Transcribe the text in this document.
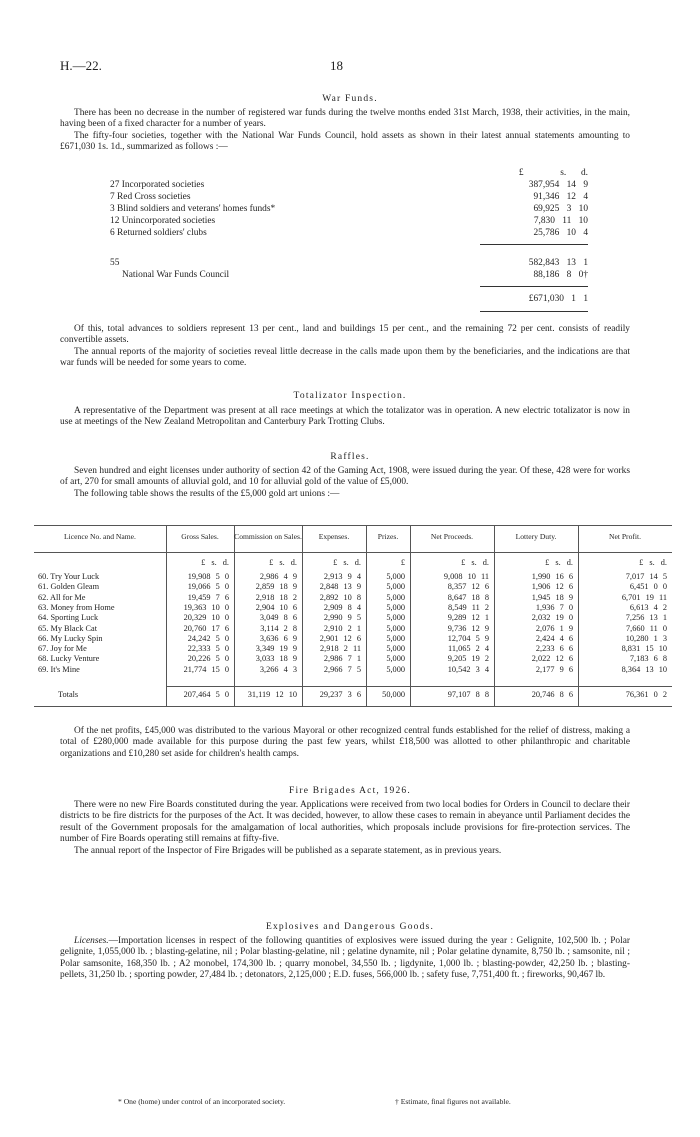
H.—22.	18
War Funds.

There has been no decrease in the number of registered war funds during the twelve months ended 31st March, 1938, their activities, in the main, having been of a fixed character for a number of years.

The fifty-four societies, together with the National War Funds Council, hold assets as shown in their latest annual statements amounting to £671,030 1s. 1d., summarized as follows :—

£	s. d.
27 Incorporated societies	387,954 14 9
7 Red Cross societies	91,346 12 4
3 Blind soldiers and veterans' homes funds*	69,925 3 10
12 Unincorporated societies	7,830 11 10
6 Returned soldiers' clubs	25,786 10 4
55	582,843 13 1
National War Funds Council	88,186 8 0†
£671,030 1 1

Of this, total advances to soldiers represent 13 per cent., land and buildings 15 per cent., and the remaining 72 per cent. consists of readily convertible assets.

The annual reports of the majority of societies reveal little decrease in the calls made upon them by the beneficiaries, and the indications are that war funds will be needed for some years to come.

Totalizator Inspection.

A representative of the Department was present at all race meetings at which the totalizator was in operation. A new electric totalizator is now in use at meetings of the New Zealand Metropolitan and Canterbury Park Trotting Clubs.

Raffles.

Seven hundred and eight licenses under authority of section 42 of the Gaming Act, 1908, were issued during the year. Of these, 428 were for works of art, 270 for small amounts of alluvial gold, and 10 for alluvial gold of the value of £5,000.

The following table shows the results of the £5,000 gold art unions :—

Licence No. and Name.	Gross Sales.	Commission on Sales.	Expenses.	Prizes.	Net Proceeds.	Lottery Duty.	Net Profit.
£ s. d.	£ s. d.	£ s. d.	£	£ s. d.	£ s. d.	£ s. d.
60. Try Your Luck	19,908 5 0	2,986 4 9	2,913 9 4	5,000	9,008 10 11	1,990 16 6	7,017 14 5
61. Golden Gleam	19,066 5 0	2,859 18 9	2,848 13 9	5,000	8,357 12 6	1,906 12 6	6,451 0 0
62. All for Me	19,459 7 6	2,918 18 2	2,892 10 8	5,000	8,647 18 8	1,945 18 9	6,701 19 11
63. Money from Home	19,363 10 0	2,904 10 6	2,909 8 4	5,000	8,549 11 2	1,936 7 0	6,613 4 2
64. Sporting Luck	20,329 10 0	3,049 8 6	2,990 9 5	5,000	9,289 12 1	2,032 19 0	7,256 13 1
65. My Black Cat	20,760 17 6	3,114 2 8	2,910 2 1	5,000	9,736 12 9	2,076 1 9	7,660 11 0
66. My Lucky Spin	24,242 5 0	3,636 6 9	2,901 12 6	5,000	12,704 5 9	2,424 4 6	10,280 1 3
67. Joy for Me	22,333 5 0	3,349 19 9	2,918 2 11	5,000	11,065 2 4	2,233 6 6	8,831 15 10
68. Lucky Venture	20,226 5 0	3,033 18 9	2,986 7 1	5,000	9,205 19 2	2,022 12 6	7,183 6 8
69. It's Mine	21,774 15 0	3,266 4 3	2,966 7 5	5,000	10,542 3 4	2,177 9 6	8,364 13 10
Totals	207,464 5 0	31,119 12 10	29,237 3 6	50,000	97,107 8 8	20,746 8 6	76,361 0 2

Of the net profits, £45,000 was distributed to the various Mayoral or other recognized central funds established for the relief of distress, making a total of £280,000 made available for this purpose during the past few years, whilst £18,500 was allotted to other philanthropic and charitable organizations and £10,280 set aside for children's health camps.

Fire Brigades Act, 1926.

There were no new Fire Boards constituted during the year. Applications were received from two local bodies for Orders in Council to declare their districts to be fire districts for the purposes of the Act. It was decided, however, to allow these cases to remain in abeyance until Parliament decides the result of the Government proposals for the amalgamation of local authorities, which proposals include provisions for fire-protection services. The number of Fire Boards operating still remains at fifty-five.

The annual report of the Inspector of Fire Brigades will be published as a separate statement, as in previous years.

Explosives and Dangerous Goods.

Licenses.—Importation licenses in respect of the following quantities of explosives were issued during the year : Gelignite, 102,500 lb. ; Polar gelignite, 1,055,000 lb. ; blasting-gelatine, nil ; Polar blasting-gelatine, nil ; gelatine dynamite, nil ; Polar gelatine dynamite, 8,750 lb. ; samsonite, nil ; Polar samsonite, 168,350 lb. ; A2 monobel, 174,300 lb. ; quarry monobel, 34,550 lb. ; ligdynite, 1,000 lb. ; blasting-powder, 42,250 lb. ; blasting-pellets, 31,250 lb. ; sporting powder, 27,484 lb. ; detonators, 2,125,000 ; E.D. fuses, 566,000 lb. ; safety fuse, 7,751,400 ft. ; fireworks, 90,467 lb.

* One (home) under control of an incorporated society.	† Estimate, final figures not available.
